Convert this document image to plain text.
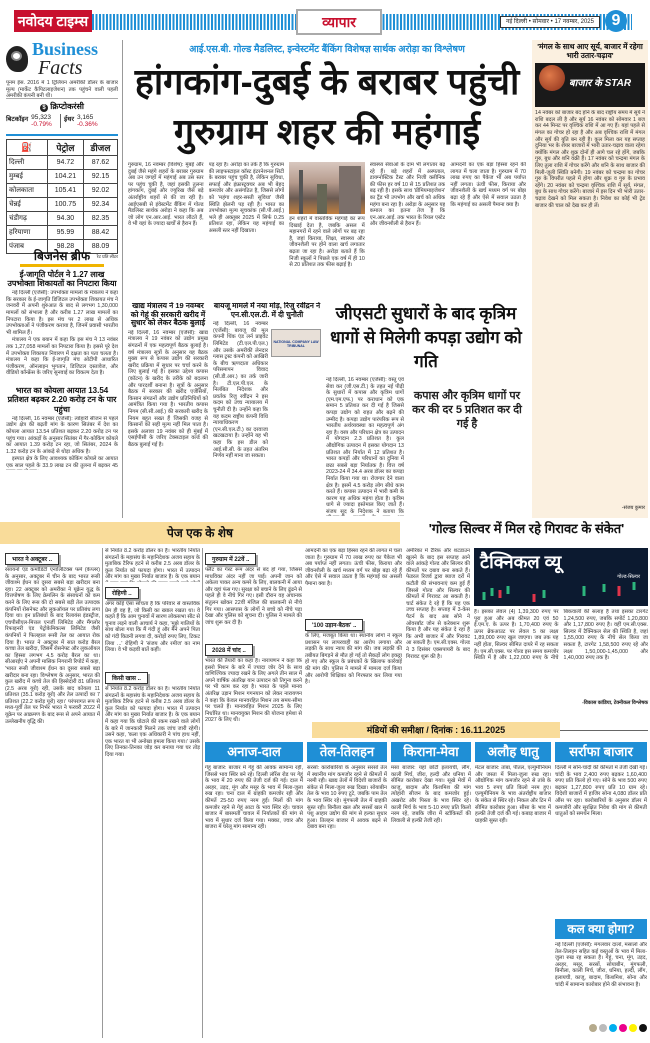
नवोदय टाइम्स	व्यापार	नई दिल्ली • सोमवार • 17 नवम्बर, 2025	9
Business
Facts
पूनम ईस. 2016 में 1 ट्रिलियन अमरीकी डॉलर के बाजार मूल्य (मार्केट कैपिटलाइजेशन) तक पहुंचने वाली पहली अमरीकी कंपनी बनी थी।
$ क्रिप्टोकरंसी
बिटकॉइन 95,323
-0.79%
ईथर 3,165
-0.36%
⛽	पेट्रोल	डीजल
दिल्ली	94.72	87.62
मुम्बई	104.21	92.15
कोलकाता	105.41	92.02
चेन्नई	100.75	92.34
चंडीगढ़	94.30	82.35
हरियाणा	95.99	88.42
पंजाब	98.28	88.09
रेट प्रति लीटर
बिजनेस ब्रीफ
ई-जागृति पोर्टल ने 1.27 लाख उपभोक्ता शिकायतों का निपटारा किया

नई दिल्ली (एजेंसी): उपभोक्ता मामलों के मंत्रालय ने कहा कि सरकार के ई-जागृति डिजिटल उपभोक्ता शिकायत मंच ने जनवरी में अपनी शुरुआत के बाद से लगभग 1,30,000 मामलों को संभाला है और करीब 1.27 लाख मामलों का निपटारा किया है। इस मंच पर 2 लाख से अधिक उपभोक्ताओं ने पंजीकरण कराया है, जिनमें प्रवासी भारतीय भी शामिल हैं।

मंत्रालय ने एक बयान में कहा कि इस मंच ने 13 नवंबर तक 1,27,058 मामलों का निपटारा किया है। इससे पूरे देश में उपभोक्ता शिकायत निवारण में दक्षता का पता चलता है। मंत्रालय ने कहा कि ई-जागृति मंच ओटीपी आधारित पंजीकरण, ऑनलाइन भुगतान, डिजिटल दस्तावेज, और वीडियो कॉन्फ्रेंस के जरिए सुनवाई का विकल्प देता है।

भारत का कोयला आयात 13.54 प्रतिशत बढ़कर 2.20 करोड़ टन के पार पहुंचा

नई दिल्ली, 16 नवम्बर (एजेंसी): त्योहारी सीजन से पहले उद्योग क्षेत्र की बढ़ती मांग के कारण सितंबर में देश का कोयला आयात 13.54 प्रतिशत बढ़कर 2.20 करोड़ टन पर पहुंच गया। आंकड़ों के अनुसार सितंबर में गैर-कोकिंग कोयले का आयात 1.39 करोड़ टन रहा, जो सितंबर, 2024 के 1.32 करोड़ टन के आंकड़े से थोड़ा अधिक है।

इस्पात क्षेत्र के लिए आवश्यक कोकिंग कोयले का आयात एक साल पहले के 33.9 लाख टन की तुलना में बढ़कर 45

आई.एस.बी. गोल्ड मैडलिस्ट, इन्वेस्टमेंट बैंकिंग विशेषज्ञ सार्थक अरोड़ा का विश्लेषण
हांगकांग-दुबई के बराबर पहुंची
गुरुग्राम शहर की महंगाई
गुरुग्राम, 16 नवम्बर (विशेष): मुंबई और दुबई जैसे महंगे शहरों के बराबर गुरुग्राम अब उन जगहों में महंगाई अब उस स्तर पर पहुंच चुकी है, जहां इसकी तुलना हांगकांग, दुबई और ज्यूरिख जैसे बड़े अंतर्राष्ट्रीय शहरों से की जा रही है। आईएसबी से इंवेस्टमेंट बैंकिंग में गोल्ड मैडलिस्ट सार्थक अरोड़ा ने कहा कि अब जो लोग एन.आर.आई. भारत लौटते हैं, वे भी यहां के ज्यादा खर्चों से हैरान हैं।
पड़ रहा है। अरोड़ा का तर्क है कि गुरुग्राम की लाइफस्टाइल कॉस्ट इंटरनेशनल सिटी के बराबर पहुंच चुकी है, लेकिन सुविधा, सफाई और इंफ्रास्ट्रक्चर अब भी बेहद कमजोर और असंगठित है, जिससे लोगों को 'महंगा शहर-सस्ती सुविधा' जैसी स्थिति झेलनी पड़ रही है। भारत का उपभोक्ता मूल्य सूचकांक (सी.पी.आई.) भले ही अक्तूबर 2025 में सिर्फ 0.25 प्रतिशत रहा, लेकिन यह महंगाई का असली स्तर नहीं दिखाता।
इन शहरों में वास्तविक महंगाई का रूप दिखाई देता है, जबकि असल में महानगरों में रहने वाले लोगों पर बड़ रहा है, जहां किराया, शिक्षा, स्वास्थ्य और जीवनशैली पर होने वाला खर्च लगातार बढ़ता जा रहा है। अरोड़ा बताते हैं कि निजी स्कूलों ने पिछले एक वर्ष में ही 10 से 20 प्रतिशत तक फीस बढ़ाई है।
स्वास्थ्य सेवाओं के दाम भी लगातार बढ़ रहे हैं। बड़े शहरों में अस्पताल, डायग्नोस्टिक टैस्ट और निजी क्लीनिक की फीस हर वर्ष 10 से 15 प्रतिशत तक बढ़ रही है। इसके साथ 'प्रीमियमाइजेशन' का ट्रैंड भी उपभोग और खर्च को अधिक महंगा बना रहा है। अरोड़ा के अनुसार यह कमाल का इतना तेज है कि एन.आर.आई. तक भारत के रियल एस्टेट और जीवनशैली से हैरान हैं।
आमदनी का एक बड़ा हिस्सा रहने की लागत में चला जाता है। गुरुग्राम में 70 लाख रुपए का पैकेज भी अब पर्याप्त नहीं लगता। ऊंची फीस, किराया और जीवनशैली के खर्च मध्यम वर्ग पर बोझ बढ़ा रहे हैं और ऐसे में सवाल उठता है कि महंगाई का असली पैमाना क्या है।
खाद्य मंत्रालय ने 19 नवम्बर को गेहूं की सरकारी खरीद में सुधार को लेकर बैठक बुलाई
नई दिल्ली, 16 नवम्बर (एजेंसी): खाद्य मंत्रालय ने 19 नवंबर को उद्योग प्रमुख संगठनों में एक महत्वपूर्ण बैठक बुलाई है। वर्ष मंत्रालय सूत्रों के अनुसार यह बैठक मुख्य रूप से कपास उद्योग की सरकारी खरीद प्रक्रिया में सुधार पर चर्चा करने के लिए बुलाई गई है। इसका उद्देश्य कपास (कॉटन) के खरीद के तरीके को बदलना और पारदर्शी बनाना है। सूत्रों के अनुसार बैठक में सरकार की खरीद एजेंसियों, किसान संगठनों और उद्योग प्रतिनिधियों को आमंत्रित किया गया है। भारतीय कपास निगम (सी.सी.आई.) की सरकारी खरीद के नियम बहुत सख्त हैं जिसकी वजह से किसानों को सही मूल्य नहीं मिल पाता है। इसके अलावा 19 नवंबर को ही मुंबई में एसईपीसी के जरिए टेक्सटाइल वर्ल्ड की बैठक बुलाई गई है।
बायजू मामले में नया मोड़, रिजु रवींद्रन ने एन.सी.एल.टी. में दी चुनौती
NATIONAL COMPANY LAW TRIBUNAL
नई दिल्ली, 16 नवम्बर (एजेंसी): बायजू की मूल कंपनी थिंक एंड लर्न प्राइवेट लिमिटेड (टी.एल.पी.एल.) और उसके अमरीकी लेनदार ग्लास ट्रस्ट कंपनी को आखिरी के बीच ऋणदाता अधिकार परिसमापन विवाद (सी.डी.आर.) का तर्क जारी है। टी.एल.पी.एल. के निलंबित निदेशक और प्रवर्तक रिजु रवींद्रन ने इस कदम को उच्च न्यायालय में चुनौती दी है। उन्होंने कहा कि यह कदम राष्ट्रीय कंपनी विधि न्यायाधिकरण (एन.सी.एल.टी.) का दरवाजा खटखटाया है। उन्होंने यह भी कहा कि इस डील को आई.सी.सी. के तहत अंतरिम निर्णय नहीं माना जा सकता।
जीएसटी सुधारों के बाद कृत्रिम धागों से मिलेगी कपड़ा उद्योग को गति
कपास और कृत्रिम धागों पर कर की दर 5 प्रतिशत कर दी गई है
नई दिल्ली, 16 नवम्बर (एजेंसी): वस्तु एवं सेवा कर (जी.एस.टी.) के तहत नई पीढ़ी के सुधारों में कपास और कृत्रिम धागों (एम.एम.एफ.) पर कराधान को एक समान 5 प्रतिशत कर दी गई है जिससे कपड़ा उद्योग को राहत और बढ़ने की उम्मीद है। कपड़ा उद्योग पारंपरिक रूप से भारतीय अर्थव्यवस्था का महत्वपूर्ण अंग रहा है। वस्त्र और परिधान क्षेत्र का उत्पादन में योगदान 2.3 प्रतिशत है। कुल औद्योगिक उत्पादन में इसका योगदान 13 प्रतिशत और निर्यात में 12 प्रतिशत है। भारत कपड़ों और परिधानों का दुनिया में छठा सबसे बड़ा निर्यातक है। वित्त वर्ष 2023-24 में 34.4 अरब डॉलर का कपड़ा निर्यात किया गया था। रोजगार देने वाला क्षेत्र है। इसमें 4.5 करोड़ लोग सीधे काम करते हैं। कपास उत्पादन में भारी कमी के कारण यह अधिक महंगा होता है। कृत्रिम धागे से ज्यादा इस्तेमाल किए जाते हैं। संजय सूद के निदेशक ने बताया कि
'मंगल के साथ आए सूर्य, बाजार में रहेगा भारी उतार-चढ़ाव'
बाजार के STAR
14 नवंबर को बाजार बंद होने के बाद राष्ट्रीय समय में सूर्य ने राशि बदल ली है और सूर्य 16 नवंबर को सोमवार 1 बज कर 44 मिनट पर वृश्चिक राशि में आ गए हैं। यहां पहले से मंगल का गोचर हो रहा है और अब वृश्चिक राशि में मंगल और सूर्य की युति बन रही है। कुल मिला कर यह सप्ताह दुनिया भर के शेयर बाजारों में भारी उतार-चढ़ाव वाला रहेगा क्योंकि मंगल और शुक्र दोनों ही आगे चल रहे होंगे, जबकि गुरु, बुध और शनि वक्री हैं। 17 नवंबर को चन्द्रमा मंगल के लिए तुला राशि में गोचर करेंगे और शनि के साथ बाजार की मिली-जुली स्थिति बनेगी। 19 नवंबर को चन्द्रमा का गोचर गुरु के विपरीत पहले में होगा और शुक्र व गुरु के प्रभाव रहेंगे। 20 नवंबर को चन्द्रमा वृश्चिक राशि में सूर्य, मंगल, बुध के साथ गोचर करेंगे। बाजार में इस दिन भी भारी उतार-चढ़ाव देखने को मिल सकता है। निवेश का कोई भी ट्रेड बाजार की चाल को देख कर ही लें।
-संजय कुमार
पेज एक के शेष
भारत ने अक्टूबर ..
रसायनों एंड कमोडिटी एनालिटिक्स फर्म (केप्लर) के अनुसार, अक्टूबर में चीन के बाद भारत रूसी जीवाश्म ईंधन का दूसरा सबसे बड़ा खरीदार बना रहा। 22 अक्टूबर को अमरीका ने यूक्रेन युद्ध के वित्तपोषण के लिए क्रेमलिन के संसाधनों को कम करने के लिए रूस की दो सबसे बड़ी तेल उत्पादक कंपनियों रोसनेफ्ट और लुकऑयल पर प्रतिबंध लगा दिया था। इन प्रतिबंधों के बाद रिलायंस इंडस्ट्रीज, एचपीसीएल-मित्तल एनर्जी लिमिटेड और मैंगलोर रिफाइनरी एंड पेट्रोकेमिकल्स लिमिटेड जैसी कंपनियों ने फिलहाल रूसी तेल का आयात रोक दिया है। भारत ने अक्टूबर में सात करोड़ बैरल कच्चा तेल खरीदा, जिसमें रोसनेफ्ट और लुकऑयल का हिस्सा लगभग 4.5 करोड़ बैरल का था। सीआरईए ने अपनी मासिक निगरानी रिपोर्ट में कहा, 'भारत रूसी जीवाश्म ईंधन का दूसरा सबसे बड़ा खरीदार बना रहा। विश्लेषण के अनुसार, भारत की कुल खरीद में कच्चे तेल की हिस्सेदारी 81 प्रतिशत (2.5 अरब यूरो) रही, उसके बाद कोयला 11 प्रतिशत (35.1 करोड़ यूरो) और तेल उत्पादों का 7 प्रतिशत (22.2 करोड़ यूरो) रहा।' परंपरागत रूप से मध्य-पूर्वी तेल पर निर्भर भारत ने फरवरी 2022 में यूक्रेन पर आक्रमण के बाद रूस से अपने आयात में उल्लेखनीय वृद्धि की।
से निर्यात 8.2 करोड़ डॉलर का है। भारतीय निर्यात संगठनों के महासंघ के महानिदेशक अजय सहाय के मुताबिक टैरिफ हटने से करीब 2.5 अरब डॉलर के कुल निर्यात को फायदा होगा। भारत में उत्पादन और मांग का मुख्य निर्यात बाजार है। के एक बयान
रोहिणी ..
अगर कोई ऐसा सोचता है कि परिवार से वास्तविक प्रेम ही वह है, जो किसी का ख्याल रखता था। वे कहते हैं कि आम चुनावों में सारण लोकसभा सीट से चुनाव लड़ने वाली आचार्य ने कहा, 'मुझे गालियों के साथ बोला गया कि मैं गंदी हूं और मैंने अपने पिता को गंदी किडनी लगवा दी, करोड़ों रुपए लिए, टिकट लिया ...' रोहिणी ने 'संजय और रमीज' का नाम लिया। वे भी कड़वी बातें कहीं।
किसी खास ..
से निर्यात 8.2 करोड़ डॉलर का है। भारतीय निर्यात संगठनों के महासंघ के महानिदेशक अजय सहाय के मुताबिक टैरिफ हटने से करीब 2.5 अरब डॉलर के कुल निर्यात को फायदा होगा। भारत में उत्पादन और मांग का मुख्य निर्यात बाजार है। के एक बयान में कहा गया कि घोटाले की रकम रखने वाले लोगों के बारे में जानकारी मिलने तक जांच जारी रहेगी। उसने कहा, 'कला एक अधिकारी ने पांच हाथ नहीं, एक भारत या भी अनोखा हमला किया गया।' उसके लिए तिनका-तिनका जोड़ कर बनाया गया घर तोड़ दिया गया।
गुरुग्राम में 22वें ..
फ्लैट का गेस्ट रूम अंदर से बंद हो गया, जिससे माधविका अंदर नहीं जा पाईं। अपनी जान को अकेला पाकर अन्य कमरे के लिए, बालकनी में आया और वहां फंस गए। सुरक्षा को बचाने के लिए ढूंढने से पहले ही वे नीचे गिर गए। इसी दौरान वह अचानक संतुलन खोकर 22वीं मंजिल की बालकनी से नीचे गिर गया। आसपास के लोगों ने बच्चे को नीचे पड़ा देखा और पुलिस को सूचना दी। पुलिस ने मामले की जांच शुरू कर दी है।
2028 में चांद ..
भारत की तैयारी का कहा है। नारायणन ने कहा कि इसरो मिशन के बारे में ज्यादा जोर देने के साथ वाणिज्यिक ज्यादा रखने के लिए अगले तीन साल में अपने वार्षिक अंतरिक्ष यान उत्पादन को तिगुना करने पर भी काम कर रहा है। भारत के पहले मानव अंतरिक्ष उड़ान मिशन गगनयान को लेकर नारायणन ने कहा कि केवल मानवरहित मिशन तय समय-सीमा पर चलते हैं। मानवरहित मिशन 2025 के लिए निर्धारित था। मानवयुक्त मिशन की योजना हमेशा से 2027 के लिए थी।
आमदनी का एक बड़ा हिस्सा रहने की लागत में चला जाता है। गुरुग्राम में 70 लाख रुपए का पैकेज भी अब पर्याप्त नहीं लगता। ऊंची फीस, किराया और जीवनशैली के खर्च मध्यम वर्ग पर बोझ बढ़ा रहे हैं और ऐसे में सवाल उठता है कि महंगाई का असली पैमाना क्या है।
'100 उड़ान-बैठक' ..
के लिए, मजबूत किया था। स्थानीय लोगों ने स्कूल प्रशासन पर लापरवाही का आरोप लगाया और लड़की के साथ न्याय की मांग की। जब लड़की की तबीयत बिगड़ने से मौत हो गई तो सैकड़ों लोग इकट्ठा हो गए और स्कूल के प्रबंधकों के खिलाफ कार्रवाई की मांग की। पुलिस ने मामले में मामला दर्ज किया और आरोपी शिक्षिका को गिरफ्तार कर लिया गया है।
'गोल्ड सिल्वर में मिल रहे गिरावट के संकेत'
अमेरिका में टैरिफ़ और शटडाउन खुलने के बाद इस सप्ताह आने वाले आंकड़े गोल्ड और सिल्वर की कीमतों पर दबाव बना सकते हैं। फेडरल रिजर्व द्वारा ब्याज दरों में कटौती की संभावनाएं कम हुई हैं जिससे गोल्ड और सिल्वर की कीमतों में गिरावट आ सकती है। चार्ट संकेत दे रहे हैं कि यह एक उच्च सप्ताह है। सप्ताह में 3-केस पैटर्न के बाद अब सोने ने ओवरबॉट जोन से करेक्शन शुरू किया है और यह संकेत दे रहा है कि अभी बाजार में और गिरावट आ सकती है। एम.सी.एक्स. गोल्ड ने 3 दिसंबर एक्सपायरी के बाद गिरावट शुरू की है।
टैक्निकल व्यू
गोल्ड-सिल्वर
है। इसका लेवल (4) 1,39,300 रुपए पर पूरा हुआ और अब कीमत 20 एवं 50 ई.एम.ए. के ऊपर है। 1,70,400 रुपए के ऊपर ब्रेकआउट पर लेवल 5 का लक्ष्य 1,89,000 रुपए खुल जाएगा। जब तक यह नहीं होता, सिल्वर सीमित दायरे में रह सकता है। एम.सी.एक्स. पर गोल्ड इस समय कमजोर स्थिति में है और 1,22,000 रुपए के नीचे बिकवाली की सलाह है तथा इसका टारगेट 1,24,500 रुपए, जबकि सपोर्ट 1,20,800 और 1,17,800 रुपए है। वहीं एम.सी.एक्स. सिल्वर में टैक्निकल सेल की स्थिति है, जहां 1,55,000 रुपए के नीचे सेल किया जा सकता है, टारगेट 1,58,500 रुपए रहे और लक्ष्य 1,50,000-1,45,000 और 1,40,000 रुपए तक है।
-विकास कांडिया, टेक्नीकल विश्लेषक
मंडियों की समीक्षा / दिनांक : 16.11.2025
अनाज-दाल
गेहूं बाजार: बाजार में गेहूं की आवक सामान्य रही, जिससे भाव स्थिर बने रहे। दिल्ली लॉरेंस रोड पर गेहूं के भाव में 20 रुपए की तेजी दर्ज की गई। दाल में अरहर, उड़द, मूंग और मसूर के भाव में मिला-जुला रुख रहा। चना दाल में ग्राहकी कमजोर रही और कीमतें 25-50 रुपए नरम हुईं। मिलों की मांग कमजोर रहने से गेहूं आटा के भाव स्थिर रहे। चावल बाजार में बासमती चावल में निर्यातकों की मांग से भाव में सुधार दर्ज किया गया। मक्का, ज्वार और बाजरा में घरेलू मांग सामान्य रही।
तेल-तिलहन
सरसों: कारोबारियों के अनुसार सरसों तेल में स्थानीय मांग कमजोर रहने से कीमतों में नरमी रही। खाद्य तेलों में विदेशी बाजारों के संकेत से मिला-जुला रुख दिखा। सोयाबीन तेल के भाव 10 रुपए टूटे, जबकि पाम तेल के भाव स्थिर रहे। मूंगफली तेल में ग्राहकी सुस्त रही। बिनौला खल और सरसों खल में पशु आहार उद्योग की मांग से हल्का सुधार हुआ। तिलहन बाजार में आवक बढ़ने से दबाव बना रहा।
किराना-मेवा
मसा बाजार: यहां छोटी इलायची, लौंग, काली मिर्च, जीरा, हल्दी और धनिया में सीमित कारोबार देखा गया। सूखे मेवों में काजू, बादाम और किशमिश की मांग त्योहारी सीजन के बाद कमजोर हुई। अखरोट और पिस्ता के भाव स्थिर रहे। काली मिर्च के भाव 5-10 रुपए प्रति किलो नरम रहे, जबकि जीरा में स्टॉकिस्टों की लिवाली से हल्की तेजी रही।
अलौह धातु
मेटल बाजार: तांबा, पीतल, एल्युमीनियम और जस्ता में मिला-जुला रुख रहा। औद्योगिक मांग कमजोर रहने से तांबे के भाव 5 रुपए प्रति किलो नरम हुए। एल्युमीनियम के भाव अंतर्राष्ट्रीय बाजार के संकेत से स्थिर रहे। निकल और टिन में सीमित कारोबार हुआ। सीसा के भाव में हल्की तेजी दर्ज की गई। कबाड़ बाजार में ग्राहकी सुस्त रही।
सर्राफा बाजार
दिल्ली में सोने-चांदी की कीमतों में तेजी देखी गई। चांदी के भाव 2,400 रुपए बढ़कर 1,60,400 रुपए प्रति किलो हो गए। सोने के भाव 500 रुपए बढ़कर 1,27,800 रुपए प्रति 10 ग्राम रहे। विदेशी बाजारों में हाजिर सोना 4,080 डॉलर प्रति औंस पर रहा। कारोबारियों के अनुसार डॉलर में कमजोरी और सुरक्षित निवेश की मांग से कीमती धातुओं को समर्थन मिला।
कल क्या होगा?
नई दिल्ली (एजेंसी): मंगलवार दालों, मसालों और तेल-तिलहन सहित कई वस्तुओं के भाव में मिला-जुला रुख रह सकता है। गेहूं, चना, मूंग, उड़द, अरहर, मसूर, सरसों, सोयाबीन, मूंगफली, बिनौला, काली मिर्च, जीरा, धनिया, हल्दी, लौंग, इलायची, काजू, बादाम, किशमिश, सोना और चांदी में सामान्य कारोबार होने की संभावना है।
